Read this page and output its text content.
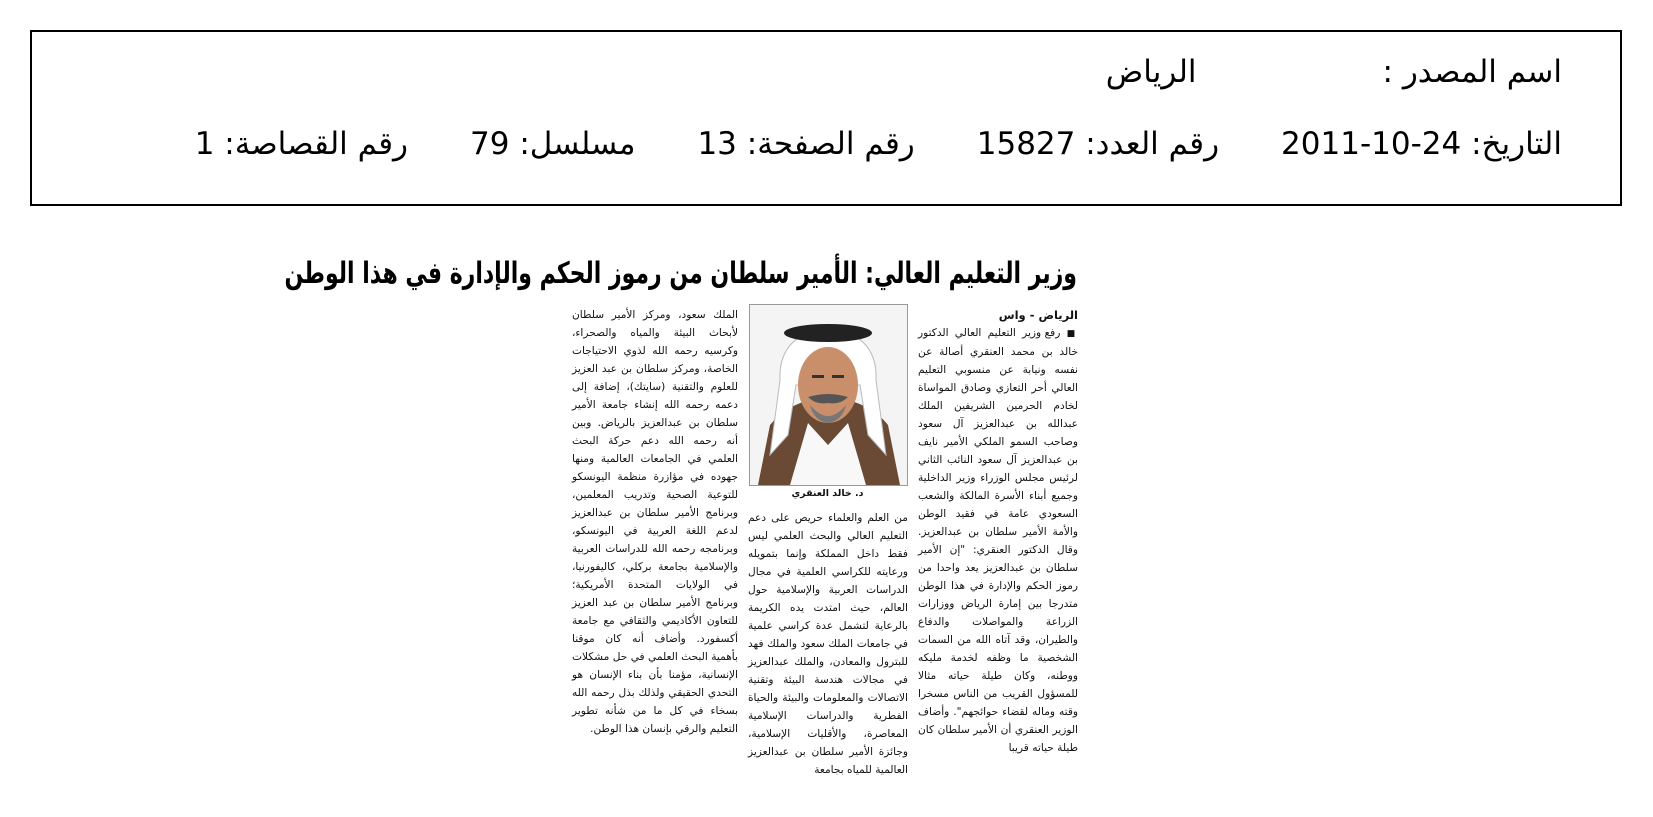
اسم المصدر :الرياض
التاريخ: 2011-10-24رقم العدد: 15827رقم الصفحة: 13مسلسل: 79رقم القصاصة: 1
وزير التعليم العالي: الأمير سلطان من رموز الحكم والإدارة في هذا الوطن
الرياض - واس
■ رفع وزير التعليم العالي الدكتور خالد بن محمد العنقري أصالة عن نفسه ونيابة عن منسوبي التعليم العالي أحر التعازي وصادق المواساة لخادم الحرمين الشريفين الملك عبدالله بن عبدالعزيز آل سعود وصاحب السمو الملكي الأمير نايف بن عبدالعزيز آل سعود النائب الثاني لرئيس مجلس الوزراء وزير الداخلية وجميع أبناء الأسرة المالكة والشعب السعودي عامة في فقيد الوطن والأمة الأمير سلطان بن عبدالعزيز. وقال الدكتور العنقري: "إن الأمير سلطان بن عبدالعزيز يعد واحدا من رموز الحكم والإدارة في هذا الوطن متدرجا بين إمارة الرياض ووزارات الزراعة والمواصلات والدفاع والطيران، وقد آتاه الله من السمات الشخصية ما وظفه لخدمة مليكه ووطنه، وكان طيلة حياته مثالا للمسؤول القريب من الناس مسخرا وقته وماله لقضاء حوائجهم". وأضاف الوزير العنقري أن الأمير سلطان كان طيلة حياته قريبا
د. خالد العنقري
من العلم والعلماء حريص على دعم التعليم العالي والبحث العلمي ليس فقط داخل المملكة وإنما بتمويله ورعايته للكراسي العلمية في مجال الدراسات العربية والإسلامية حول العالم، حيث امتدت يده الكريمة بالرعاية لتشمل عدة كراسي علمية في جامعات الملك سعود والملك فهد للبترول والمعادن، والملك عبدالعزيز في مجالات هندسة البيئة وتقنية الاتصالات والمعلومات والبيئة والحياة الفطرية والدراسات الإسلامية المعاصرة، والأقليات الإسلامية، وجائزة الأمير سلطان بن عبدالعزيز العالمية للمياه بجامعة
الملك سعود، ومركز الأمير سلطان لأبحاث البيئة والمياه والصحراء، وكرسيه رحمه الله لذوي الاحتياجات الخاصة، ومركز سلطان بن عبد العزيز للعلوم والتقنية (سايتك)، إضافة إلى دعمه رحمه الله إنشاء جامعة الأمير سلطان بن عبدالعزيز بالرياض. وبين أنه رحمه الله دعم حركة البحث العلمي في الجامعات العالمية ومنها جهوده في مؤازرة منظمة اليونسكو للتوعية الصحية وتدريب المعلمين، وبرنامج الأمير سلطان بن عبدالعزيز لدعم اللغة العربية في اليونسكو، وبرنامجه رحمه الله للدراسات العربية والإسلامية بجامعة بركلي، كاليفورنيا، في الولايات المتحدة الأمريكية؛ وبرنامج الأمير سلطان بن عبد العزيز للتعاون الأكاديمي والثقافي مع جامعة أكسفورد. وأضاف أنه كان موقنا بأهمية البحث العلمي في حل مشكلات الإنسانية، مؤمنا بأن بناء الإنسان هو التحدي الحقيقي ولذلك بذل رحمه الله بسخاء في كل ما من شأنه تطوير التعليم والرقي بإنسان هذا الوطن.
